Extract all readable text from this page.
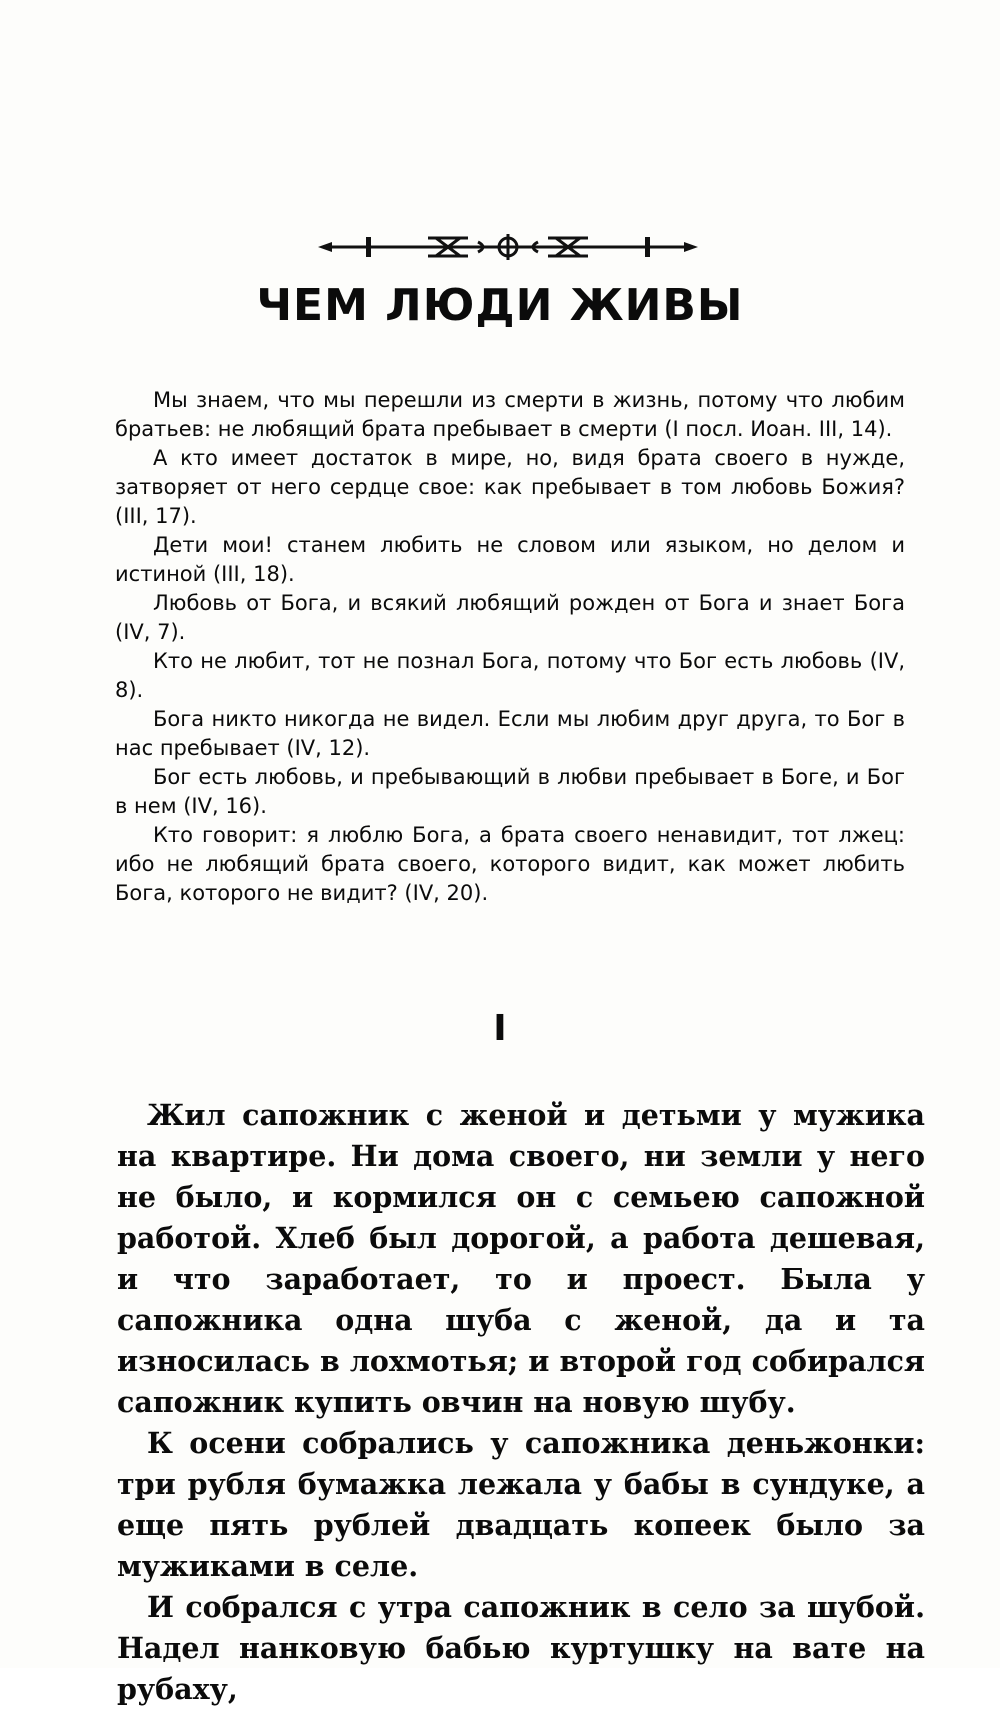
ЧЕМ ЛЮДИ ЖИВЫ

Мы знаем, что мы перешли из смерти в жизнь, потому что любим братьев: не любящий брата пребывает в смерти (I посл. Иоан. III, 14).

А кто имеет достаток в мире, но, видя брата своего в нужде, затворяет от него сердце свое: как пребывает в том любовь Божия? (III, 17).

Дети мои! станем любить не словом или языком, но делом и истиной (III, 18).

Любовь от Бога, и всякий любящий рожден от Бога и знает Бога (IV, 7).

Кто не любит, тот не познал Бога, потому что Бог есть любовь (IV, 8).

Бога никто никогда не видел. Если мы любим друг друга, то Бог в нас пребывает (IV, 12).

Бог есть любовь, и пребывающий в любви пребывает в Боге, и Бог в нем (IV, 16).

Кто говорит: я люблю Бога, а брата своего ненавидит, тот лжец: ибо не любящий брата своего, которого видит, как может любить Бога, которого не видит? (IV, 20).

I

Жил сапожник с женой и детьми у мужика на квартире. Ни дома своего, ни земли у него не было, и кормился он с семьею сапожной работой. Хлеб был дорогой, а работа дешевая, и что заработает, то и проест. Была у сапожника одна шуба с женой, да и та износилась в лохмотья; и второй год собирался сапожник купить овчин на новую шубу.

К осени собрались у сапожника деньжонки: три рубля бумажка лежала у бабы в сундуке, а еще пять рублей двадцать копеек было за мужиками в селе.

И собрался с утра сапожник в село за шубой. Надел нанковую бабью куртушку на вате на рубаху,
